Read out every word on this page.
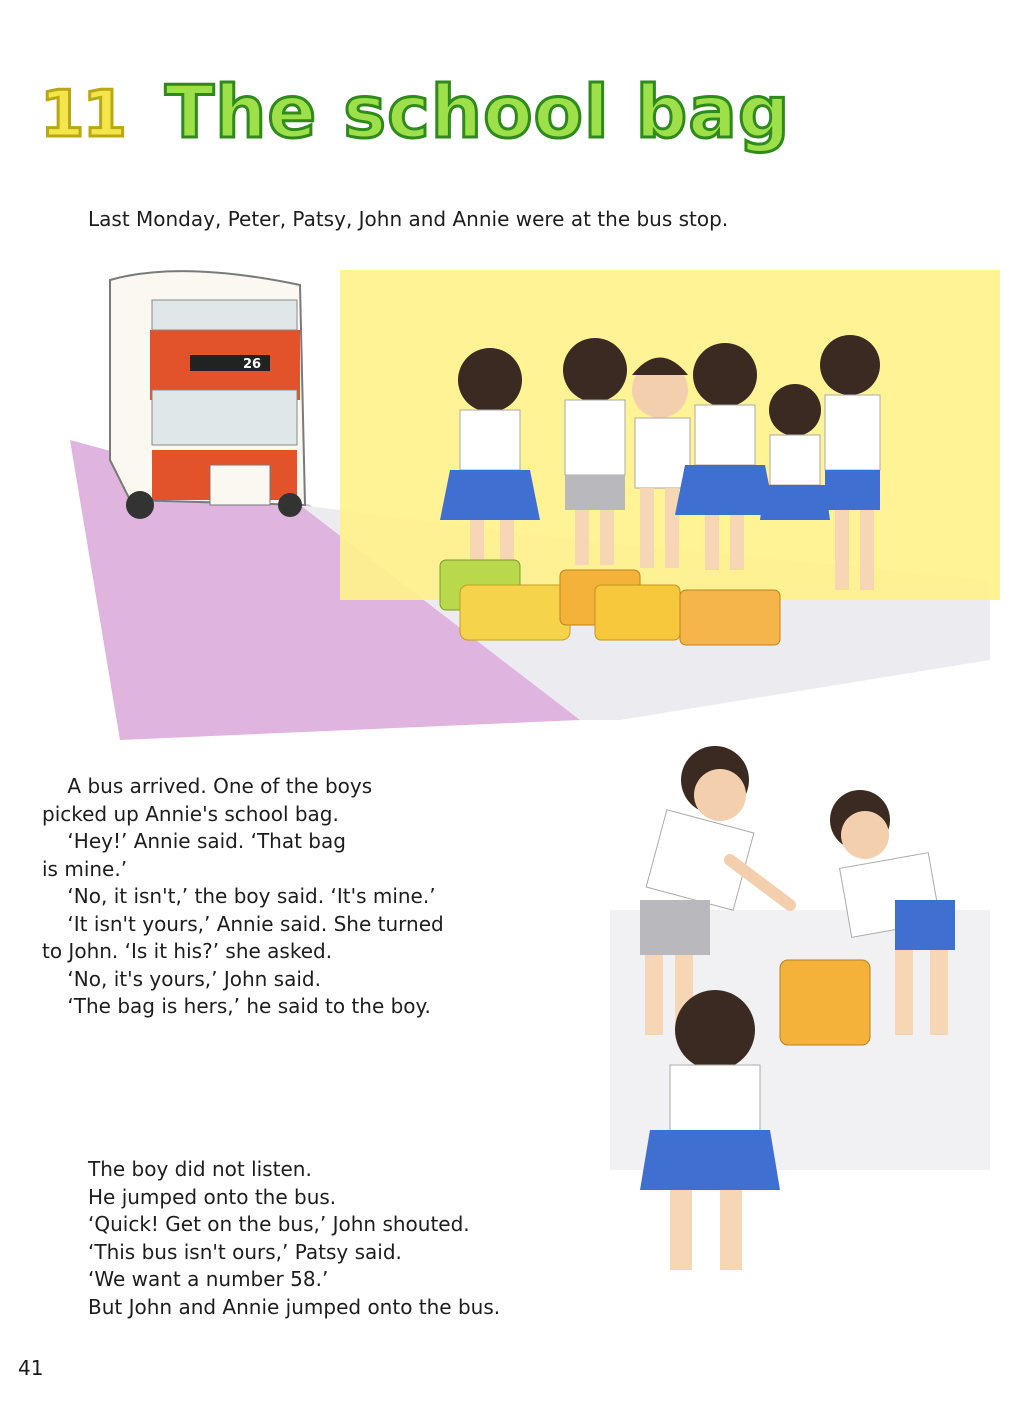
11 The school bag
Last Monday, Peter, Patsy, John and Annie were at the bus stop.
26

A bus arrived. One of the boys

picked up Annie's school bag.

‘Hey!’ Annie said. ‘That bag

is mine.’

‘No, it isn't,’ the boy said. ‘It's mine.’

‘It isn't yours,’ Annie said. She turned

to John. ‘Is it his?’ she asked.

‘No, it's yours,’ John said.

‘The bag is hers,’ he said to the boy.

The boy did not listen.

He jumped onto the bus.

‘Quick! Get on the bus,’ John shouted.

‘This bus isn't ours,’ Patsy said.

‘We want a number 58.’

But John and Annie jumped onto the bus.

41
